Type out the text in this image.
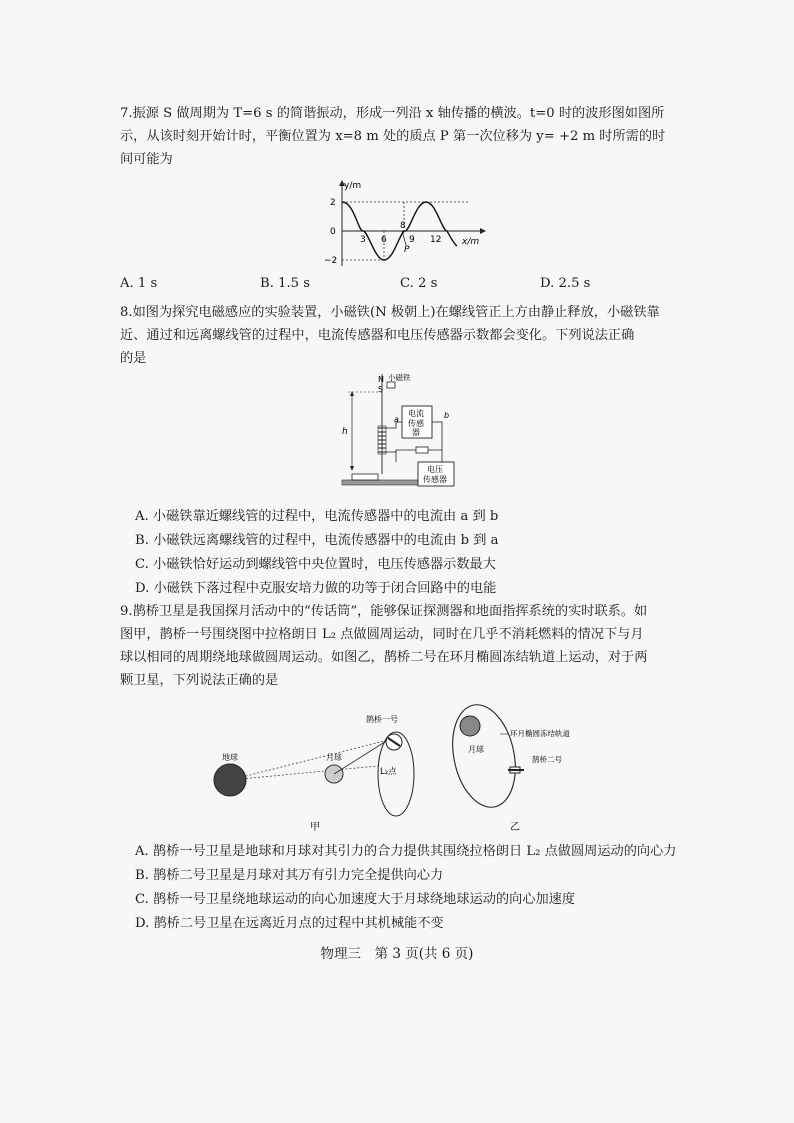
7.振源 S 做周期为 T=6 s 的简谐振动，形成一列沿 x 轴传播的横波。t=0 时的波形图如图所

示，从该时刻开始计时，平衡位置为 x=8 m 处的质点 P 第一次位移为 y= +2 m 时所需的时

间可能为

y/m
x/m
2
0
−2
3 6
8
9 12
P
A. 1 s	B. 1.5 s	C. 2 s	D. 2.5 s

8.如图为探究电磁感应的实验装置，小磁铁(N 极朝上)在螺线管正上方由静止释放，小磁铁靠

近、通过和远离螺线管的过程中，电流传感器和电压传感器示数都会变化。下列说法正确

的是

N
S
小磁铁
h
电流
传感
器
a	b
电压
传感器
A. 小磁铁靠近螺线管的过程中，电流传感器中的电流由 a 到 b
B. 小磁铁远离螺线管的过程中，电流传感器中的电流由 b 到 a
C. 小磁铁恰好运动到螺线管中央位置时，电压传感器示数最大
D. 小磁铁下落过程中克服安培力做的功等于闭合回路中的电能

9.鹊桥卫星是我国探月活动中的“传话筒”，能够保证探测器和地面指挥系统的实时联系。如

图甲，鹊桥一号围绕图中拉格朗日 L₂ 点做圆周运动，同时在几乎不消耗燃料的情况下与月

球以相同的周期绕地球做圆周运动。如图乙，鹊桥二号在环月椭圆冻结轨道上运动，对于两

颗卫星，下列说法正确的是

地球	月球
L₂点
鹊桥一号
甲
月球
环月椭圆冻结轨道
鹊桥二号
乙
A. 鹊桥一号卫星是地球和月球对其引力的合力提供其围绕拉格朗日 L₂ 点做圆周运动的向心力
B. 鹊桥二号卫星是月球对其万有引力完全提供向心力
C. 鹊桥一号卫星绕地球运动的向心加速度大于月球绕地球运动的向心加速度
D. 鹊桥二号卫星在远离近月点的过程中其机械能不变
物理三　第 3 页(共 6 页)
